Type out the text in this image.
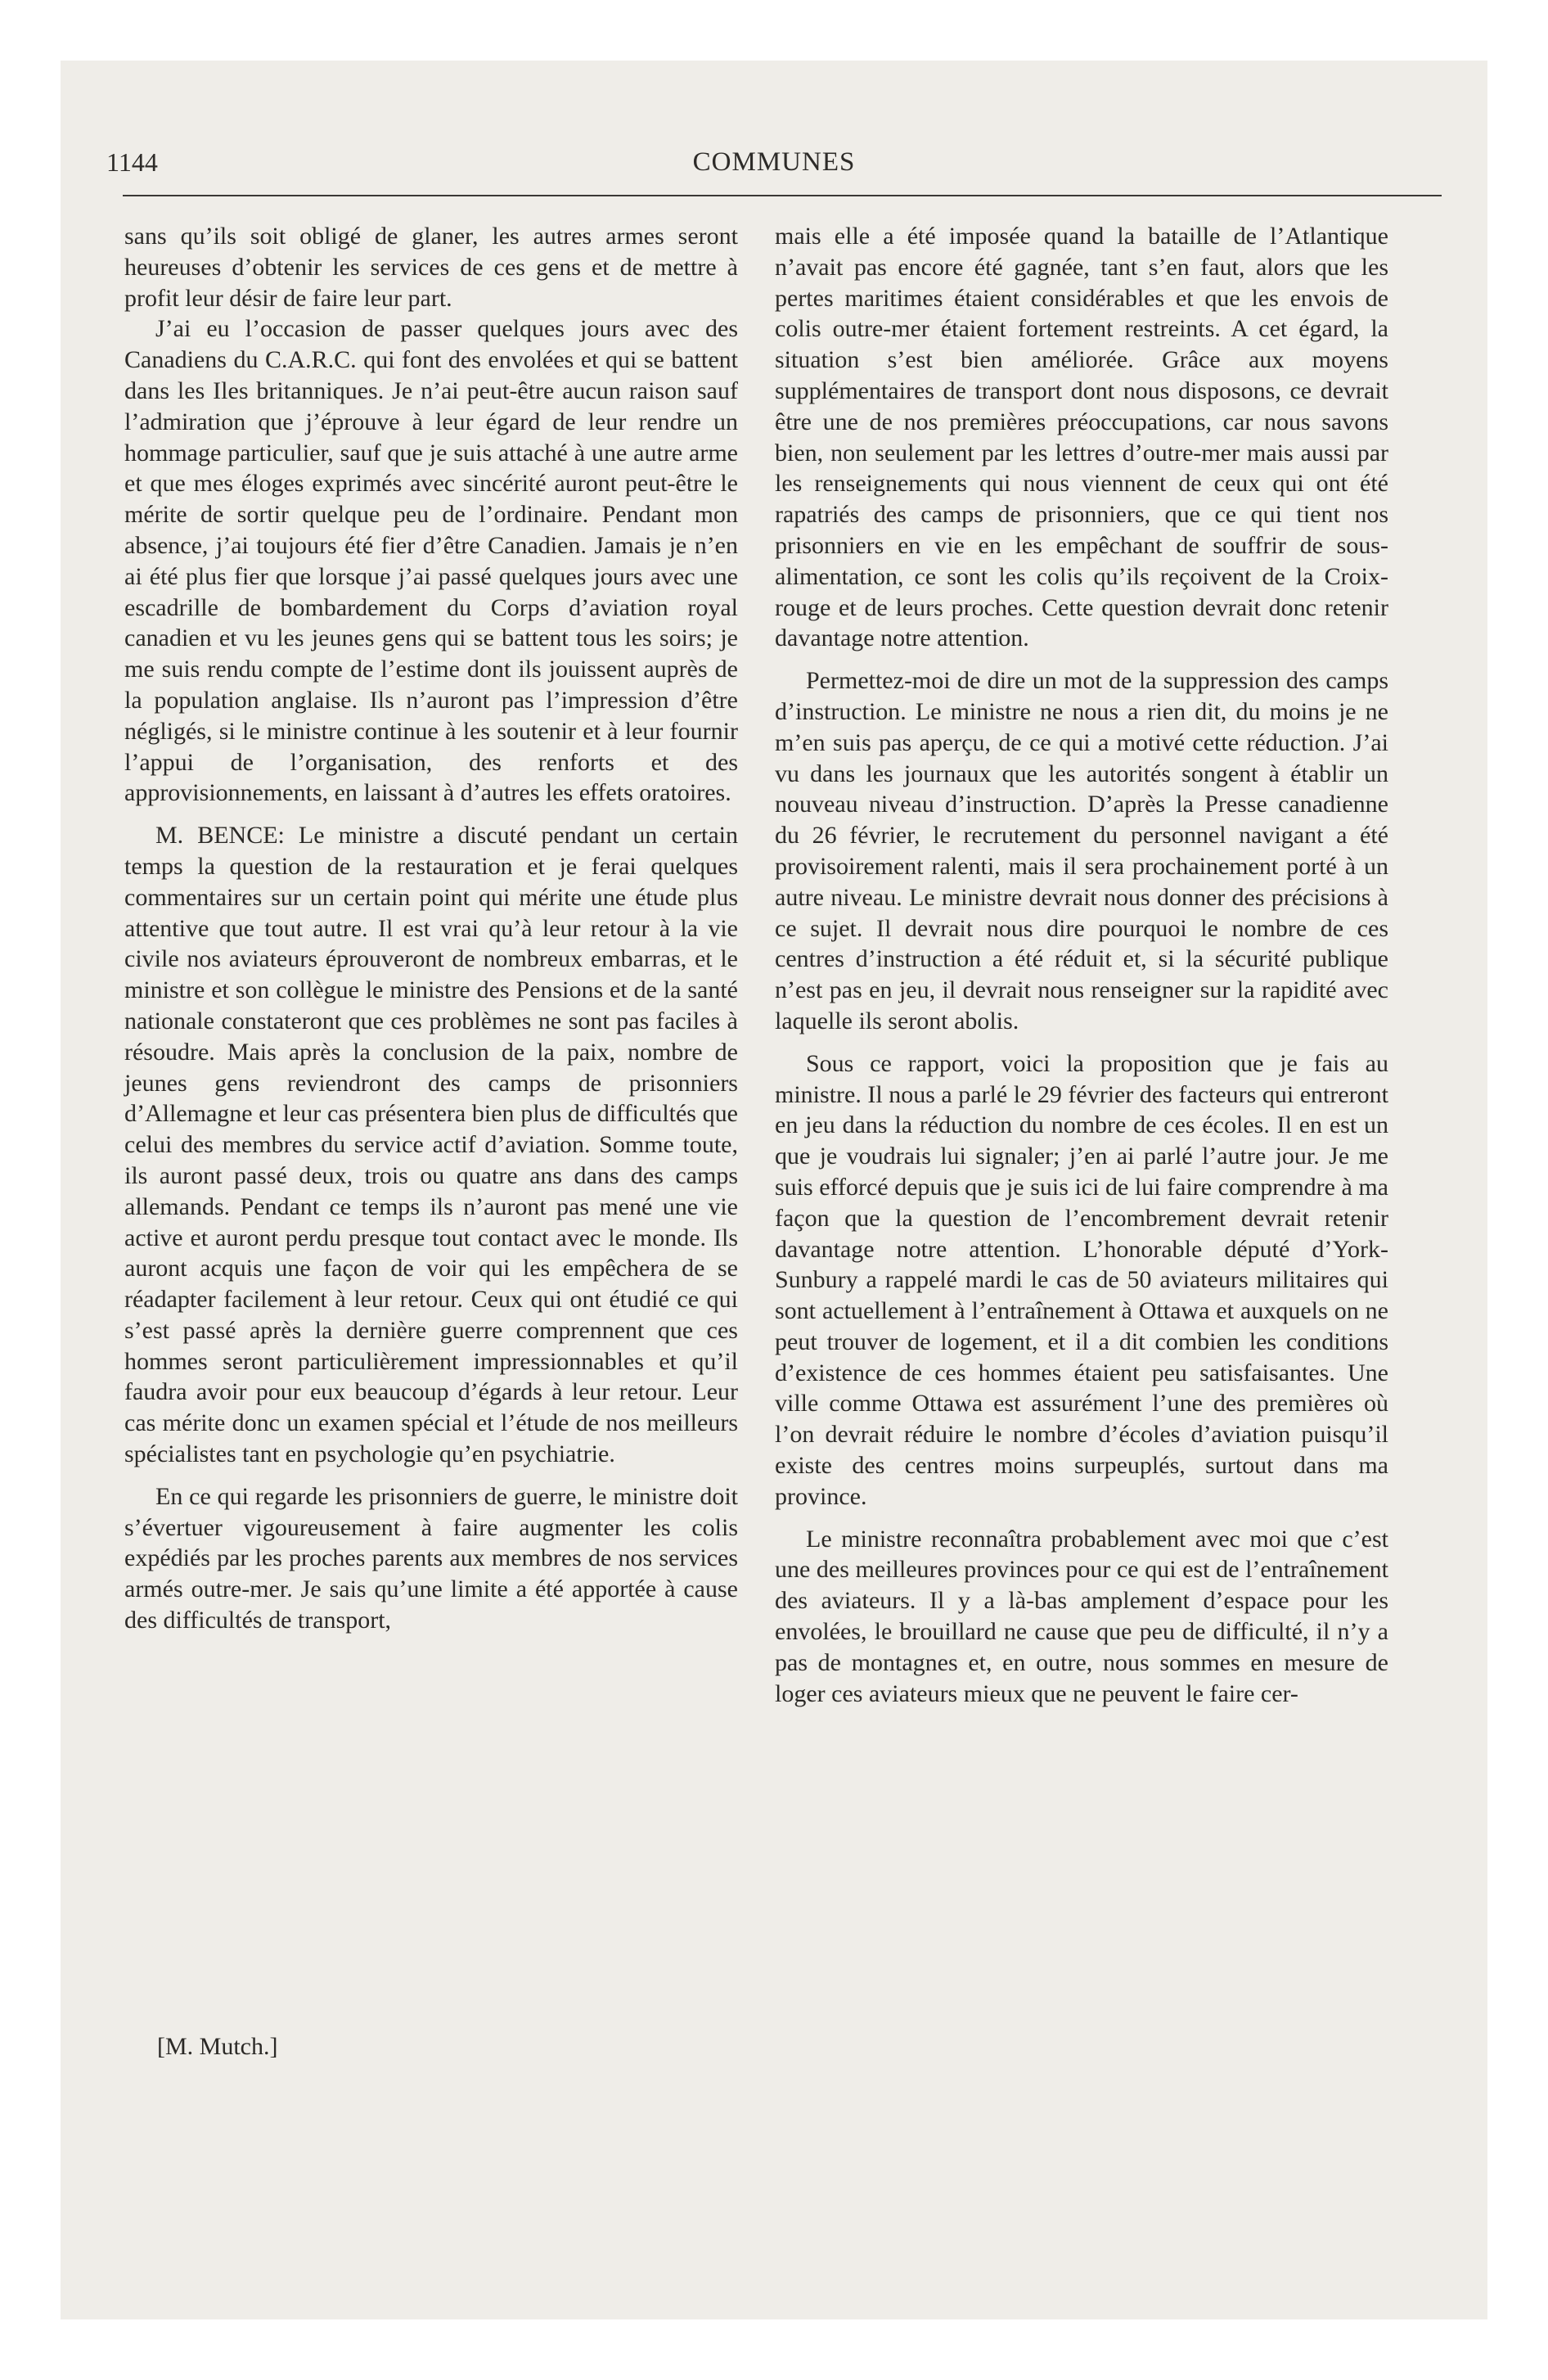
1144	COMMUNES

sans qu’ils soit obligé de glaner, les autres armes seront heureuses d’obtenir les services de ces gens et de mettre à profit leur désir de faire leur part.

J’ai eu l’occasion de passer quelques jours avec des Canadiens du C.A.R.C. qui font des envolées et qui se battent dans les Iles britanniques. Je n’ai peut-être aucun raison sauf l’admiration que j’éprouve à leur égard de leur rendre un hommage particulier, sauf que je suis attaché à une autre arme et que mes éloges exprimés avec sincérité auront peut-être le mérite de sortir quelque peu de l’ordinaire. Pendant mon absence, j’ai toujours été fier d’être Canadien. Jamais je n’en ai été plus fier que lorsque j’ai passé quelques jours avec une escadrille de bombardement du Corps d’aviation royal canadien et vu les jeunes gens qui se battent tous les soirs; je me suis rendu compte de l’estime dont ils jouissent auprès de la population anglaise. Ils n’auront pas l’impression d’être négligés, si le ministre continue à les soutenir et à leur fournir l’appui de l’organisation, des renforts et des approvisionnements, en laissant à d’autres les effets oratoires.

M. BENCE: Le ministre a discuté pendant un certain temps la question de la restauration et je ferai quelques commentaires sur un certain point qui mérite une étude plus attentive que tout autre. Il est vrai qu’à leur retour à la vie civile nos aviateurs éprouveront de nombreux embarras, et le ministre et son collègue le ministre des Pensions et de la santé nationale constateront que ces problèmes ne sont pas faciles à résoudre. Mais après la conclusion de la paix, nombre de jeunes gens reviendront des camps de prisonniers d’Allemagne et leur cas présentera bien plus de difficultés que celui des membres du service actif d’aviation. Somme toute, ils auront passé deux, trois ou quatre ans dans des camps allemands. Pendant ce temps ils n’auront pas mené une vie active et auront perdu presque tout contact avec le monde. Ils auront acquis une façon de voir qui les empêchera de se réadapter facilement à leur retour. Ceux qui ont étudié ce qui s’est passé après la dernière guerre comprennent que ces hommes seront particulièrement impressionnables et qu’il faudra avoir pour eux beaucoup d’égards à leur retour. Leur cas mérite donc un examen spécial et l’étude de nos meilleurs spécialistes tant en psychologie qu’en psychiatrie.

En ce qui regarde les prisonniers de guerre, le ministre doit s’évertuer vigoureusement à faire augmenter les colis expédiés par les proches parents aux membres de nos services armés outre-mer. Je sais qu’une limite a été apportée à cause des difficultés de transport,

[M. Mutch.]

mais elle a été imposée quand la bataille de l’Atlantique n’avait pas encore été gagnée, tant s’en faut, alors que les pertes maritimes étaient considérables et que les envois de colis outre-mer étaient fortement restreints. A cet égard, la situation s’est bien améliorée. Grâce aux moyens supplémentaires de transport dont nous disposons, ce devrait être une de nos premières préoccupations, car nous savons bien, non seulement par les lettres d’outre-mer mais aussi par les renseignements qui nous viennent de ceux qui ont été rapatriés des camps de prisonniers, que ce qui tient nos prisonniers en vie en les empêchant de souffrir de sous-alimentation, ce sont les colis qu’ils reçoivent de la Croix-rouge et de leurs proches. Cette question devrait donc retenir davantage notre attention.

Permettez-moi de dire un mot de la suppression des camps d’instruction. Le ministre ne nous a rien dit, du moins je ne m’en suis pas aperçu, de ce qui a motivé cette réduction. J’ai vu dans les journaux que les autorités songent à établir un nouveau niveau d’instruction. D’après la Presse canadienne du 26 février, le recrutement du personnel navigant a été provisoirement ralenti, mais il sera prochainement porté à un autre niveau. Le ministre devrait nous donner des précisions à ce sujet. Il devrait nous dire pourquoi le nombre de ces centres d’instruction a été réduit et, si la sécurité publique n’est pas en jeu, il devrait nous renseigner sur la rapidité avec laquelle ils seront abolis.

Sous ce rapport, voici la proposition que je fais au ministre. Il nous a parlé le 29 février des facteurs qui entreront en jeu dans la réduction du nombre de ces écoles. Il en est un que je voudrais lui signaler; j’en ai parlé l’autre jour. Je me suis efforcé depuis que je suis ici de lui faire comprendre à ma façon que la question de l’encombrement devrait retenir davantage notre attention. L’honorable député d’York-Sunbury a rappelé mardi le cas de 50 aviateurs militaires qui sont actuellement à l’entraînement à Ottawa et auxquels on ne peut trouver de logement, et il a dit combien les conditions d’existence de ces hommes étaient peu satisfaisantes. Une ville comme Ottawa est assurément l’une des premières où l’on devrait réduire le nombre d’écoles d’aviation puisqu’il existe des centres moins surpeuplés, surtout dans ma province.

Le ministre reconnaîtra probablement avec moi que c’est une des meilleures provinces pour ce qui est de l’entraînement des aviateurs. Il y a là-bas amplement d’espace pour les envolées, le brouillard ne cause que peu de difficulté, il n’y a pas de montagnes et, en outre, nous sommes en mesure de loger ces aviateurs mieux que ne peuvent le faire cer-
